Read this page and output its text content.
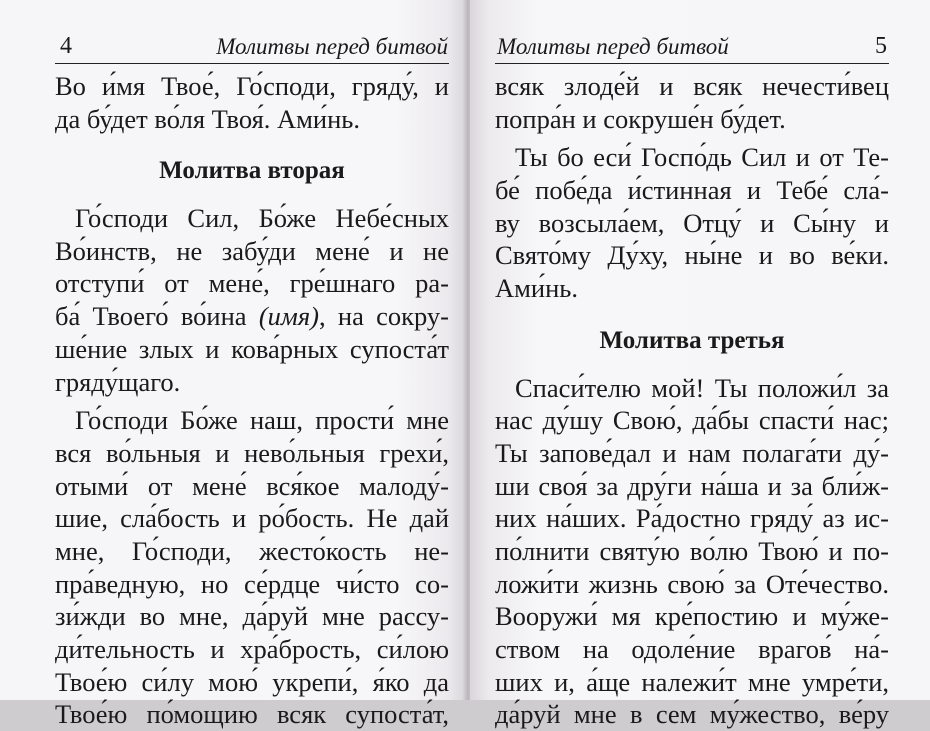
4	Молитвы перед битвой
Во и́мя Твое́, Го́споди, гряду́, и
да бу́дет во́ля Твоя́. Ами́нь.
Молитва вторая
Го́споди Сил, Бо́же Небе́сных
Во́инств, не забу́ди мене́ и не
отступи́ от мене́, гре́шнаго ра-
ба́ Твоего́ во́ина (имя), на сокру-
ше́ние злых и кова́рных супоста́т
гряду́щаго.
Го́споди Бо́же наш, прости́ мне
вся во́льныя и нево́льныя грехи́,
отыми́ от мене́ вся́кое малоду́-
шие, сла́бость и ро́бость. Не дай
мне, Го́споди, жесто́кость не-
пра́ведную, но се́рдце чи́сто со-
зи́жди во мне, да́руй мне рассу-
ди́тельность и хра́брость, си́лою
Твое́ю си́лу мою́ укрепи́, я́ко да
Твое́ю по́мощию всяк супоста́т,
Молитвы перед битвой	5
всяк злоде́й и всяк нечести́вец
попра́н и сокруше́н бу́дет.
Ты бо еси́ Госпо́дь Сил и от Те-
бе́ побе́да и́стинная и Тебе́ сла́-
ву возсыла́ем, Отцу́ и Сы́ну и
Свято́му Ду́ху, ны́не и во ве́ки.
Ами́нь.
Молитва третья
Спаси́телю мой! Ты положи́л за
нас ду́шу Свою́, да́бы спасти́ нас;
Ты запове́дал и нам полага́ти ду́-
ши своя́ за дру́ги на́ша и за бли́ж-
них на́ших. Ра́достно гряду́ аз ис-
по́лнити святу́ю во́лю Твою́ и по-
ложи́ти жизнь свою́ за Оте́чество.
Вооружи́ мя кре́постию и му́же-
ством на одоле́ние врагов́ на́-
ших и, а́ще належи́т мне умре́ти,
да́руй мне в сем му́жество, ве́ру
